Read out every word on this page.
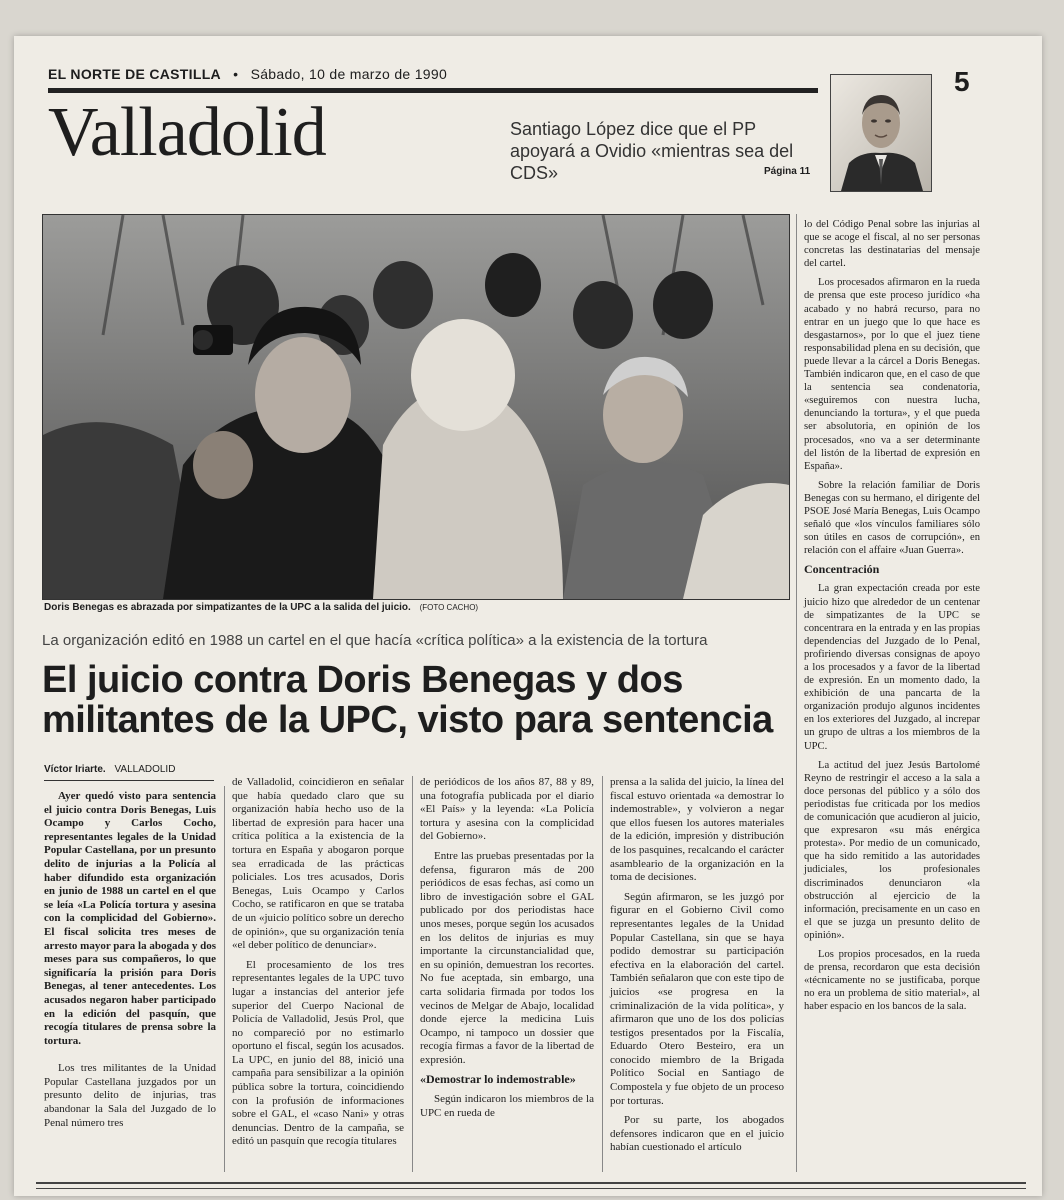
EL NORTE DE CASTILLA • Sábado, 10 de marzo de 1990	5
Valladolid	Santiago López dice que el PP apoyará a Ovidio «mientras sea del CDS»	Página 11
Doris Benegas es abrazada por simpatizantes de la UPC a la salida del juicio. (FOTO CACHO)
La organización editó en 1988 un cartel en el que hacía «crítica política» a la existencia de la tortura
El juicio contra Doris Benegas y dos militantes de la UPC, visto para sentencia
Víctor Iriarte. VALLADOLID

Ayer quedó visto para sentencia el juicio contra Doris Benegas, Luis Ocampo y Carlos Cocho, representantes legales de la Unidad Popular Castellana, por un presunto delito de injurias a la Policía al haber difundido esta organización en junio de 1988 un cartel en el que se leía «La Policía tortura y asesina con la complicidad del Gobierno». El fiscal solicita tres meses de arresto mayor para la abogada y dos meses para sus compañeros, lo que significaría la prisión para Doris Benegas, al tener antecedentes. Los acusados negaron haber participado en la edición del pasquín, que recogía titulares de prensa sobre la tortura.

Los tres militantes de la Unidad Popular Castellana juzgados por un presunto delito de injurias, tras abandonar la Sala del Juzgado de lo Penal número tres

de Valladolid, coincidieron en señalar que había quedado claro que su organización había hecho uso de la libertad de expresión para hacer una crítica política a la existencia de la tortura en España y abogaron porque sea erradicada de las prácticas policiales. Los tres acusados, Doris Benegas, Luis Ocampo y Carlos Cocho, se ratificaron en que se trataba de un «juicio político sobre un derecho de opinión», que su organización tenía «el deber político de denunciar».

El procesamiento de los tres representantes legales de la UPC tuvo lugar a instancias del anterior jefe superior del Cuerpo Nacional de Policía de Valladolid, Jesús Prol, que no compareció por no estimarlo oportuno el fiscal, según los acusados. La UPC, en junio del 88, inició una campaña para sensibilizar a la opinión pública sobre la tortura, coincidiendo con la profusión de informaciones sobre el GAL, el «caso Nani» y otras denuncias. Dentro de la campaña, se editó un pasquín que recogía titulares

de periódicos de los años 87, 88 y 89, una fotografía publicada por el diario «El País» y la leyenda: «La Policía tortura y asesina con la complicidad del Gobierno».

Entre las pruebas presentadas por la defensa, figuraron más de 200 periódicos de esas fechas, así como un libro de investigación sobre el GAL publicado por dos periodistas hace unos meses, porque según los acusados en los delitos de injurias es muy importante la circunstancialidad que, en su opinión, demuestran los recortes. No fue aceptada, sin embargo, una carta solidaria firmada por todos los vecinos de Melgar de Abajo, localidad donde ejerce la medicina Luis Ocampo, ni tampoco un dossier que recogía firmas a favor de la libertad de expresión.

«Demostrar lo indemostrable»

Según indicaron los miembros de la UPC en rueda de

prensa a la salida del juicio, la línea del fiscal estuvo orientada «a demostrar lo indemostrable», y volvieron a negar que ellos fuesen los autores materiales de la edición, impresión y distribución de los pasquines, recalcando el carácter asambleario de la organización en la toma de decisiones.

Según afirmaron, se les juzgó por figurar en el Gobierno Civil como representantes legales de la Unidad Popular Castellana, sin que se haya podido demostrar su participación efectiva en la elaboración del cartel. También señalaron que con este tipo de juicios «se progresa en la criminalización de la vida política», y afirmaron que uno de los dos policías testigos presentados por la Fiscalía, Eduardo Otero Besteiro, era un conocido miembro de la Brigada Político Social en Santiago de Compostela y fue objeto de un proceso por torturas.

Por su parte, los abogados defensores indicaron que en el juicio habían cuestionado el artículo

lo del Código Penal sobre las injurias al que se acoge el fiscal, al no ser personas concretas las destinatarias del mensaje del cartel.

Los procesados afirmaron en la rueda de prensa que este proceso jurídico «ha acabado y no habrá recurso, para no entrar en un juego que lo que hace es desgastarnos», por lo que el juez tiene responsabilidad plena en su decisión, que puede llevar a la cárcel a Doris Benegas. También indicaron que, en el caso de que la sentencia sea condenatoria, «seguiremos con nuestra lucha, denunciando la tortura», y el que pueda ser absolutoria, en opinión de los procesados, «no va a ser determinante del listón de la libertad de expresión en España».

Sobre la relación familiar de Doris Benegas con su hermano, el dirigente del PSOE José María Benegas, Luis Ocampo señaló que «los vínculos familiares sólo son útiles en casos de corrupción», en relación con el affaire «Juan Guerra».

Concentración

La gran expectación creada por este juicio hizo que alrededor de un centenar de simpatizantes de la UPC se concentrara en la entrada y en las propias dependencias del Juzgado de lo Penal, profiriendo diversas consignas de apoyo a los procesados y a favor de la libertad de expresión. En un momento dado, la exhibición de una pancarta de la organización produjo algunos incidentes en los exteriores del Juzgado, al increpar un grupo de ultras a los miembros de la UPC.

La actitud del juez Jesús Bartolomé Reyno de restringir el acceso a la sala a doce personas del público y a sólo dos periodistas fue criticada por los medios de comunicación que acudieron al juicio, que expresaron «su más enérgica protesta». Por medio de un comunicado, que ha sido remitido a las autoridades judiciales, los profesionales discriminados denunciaron «la obstrucción al ejercicio de la información, precisamente en un caso en el que se juzga un presunto delito de opinión».

Los propios procesados, en la rueda de prensa, recordaron que esta decisión «técnicamente no se justificaba, porque no era un problema de sitio material», al haber espacio en los bancos de la sala.
